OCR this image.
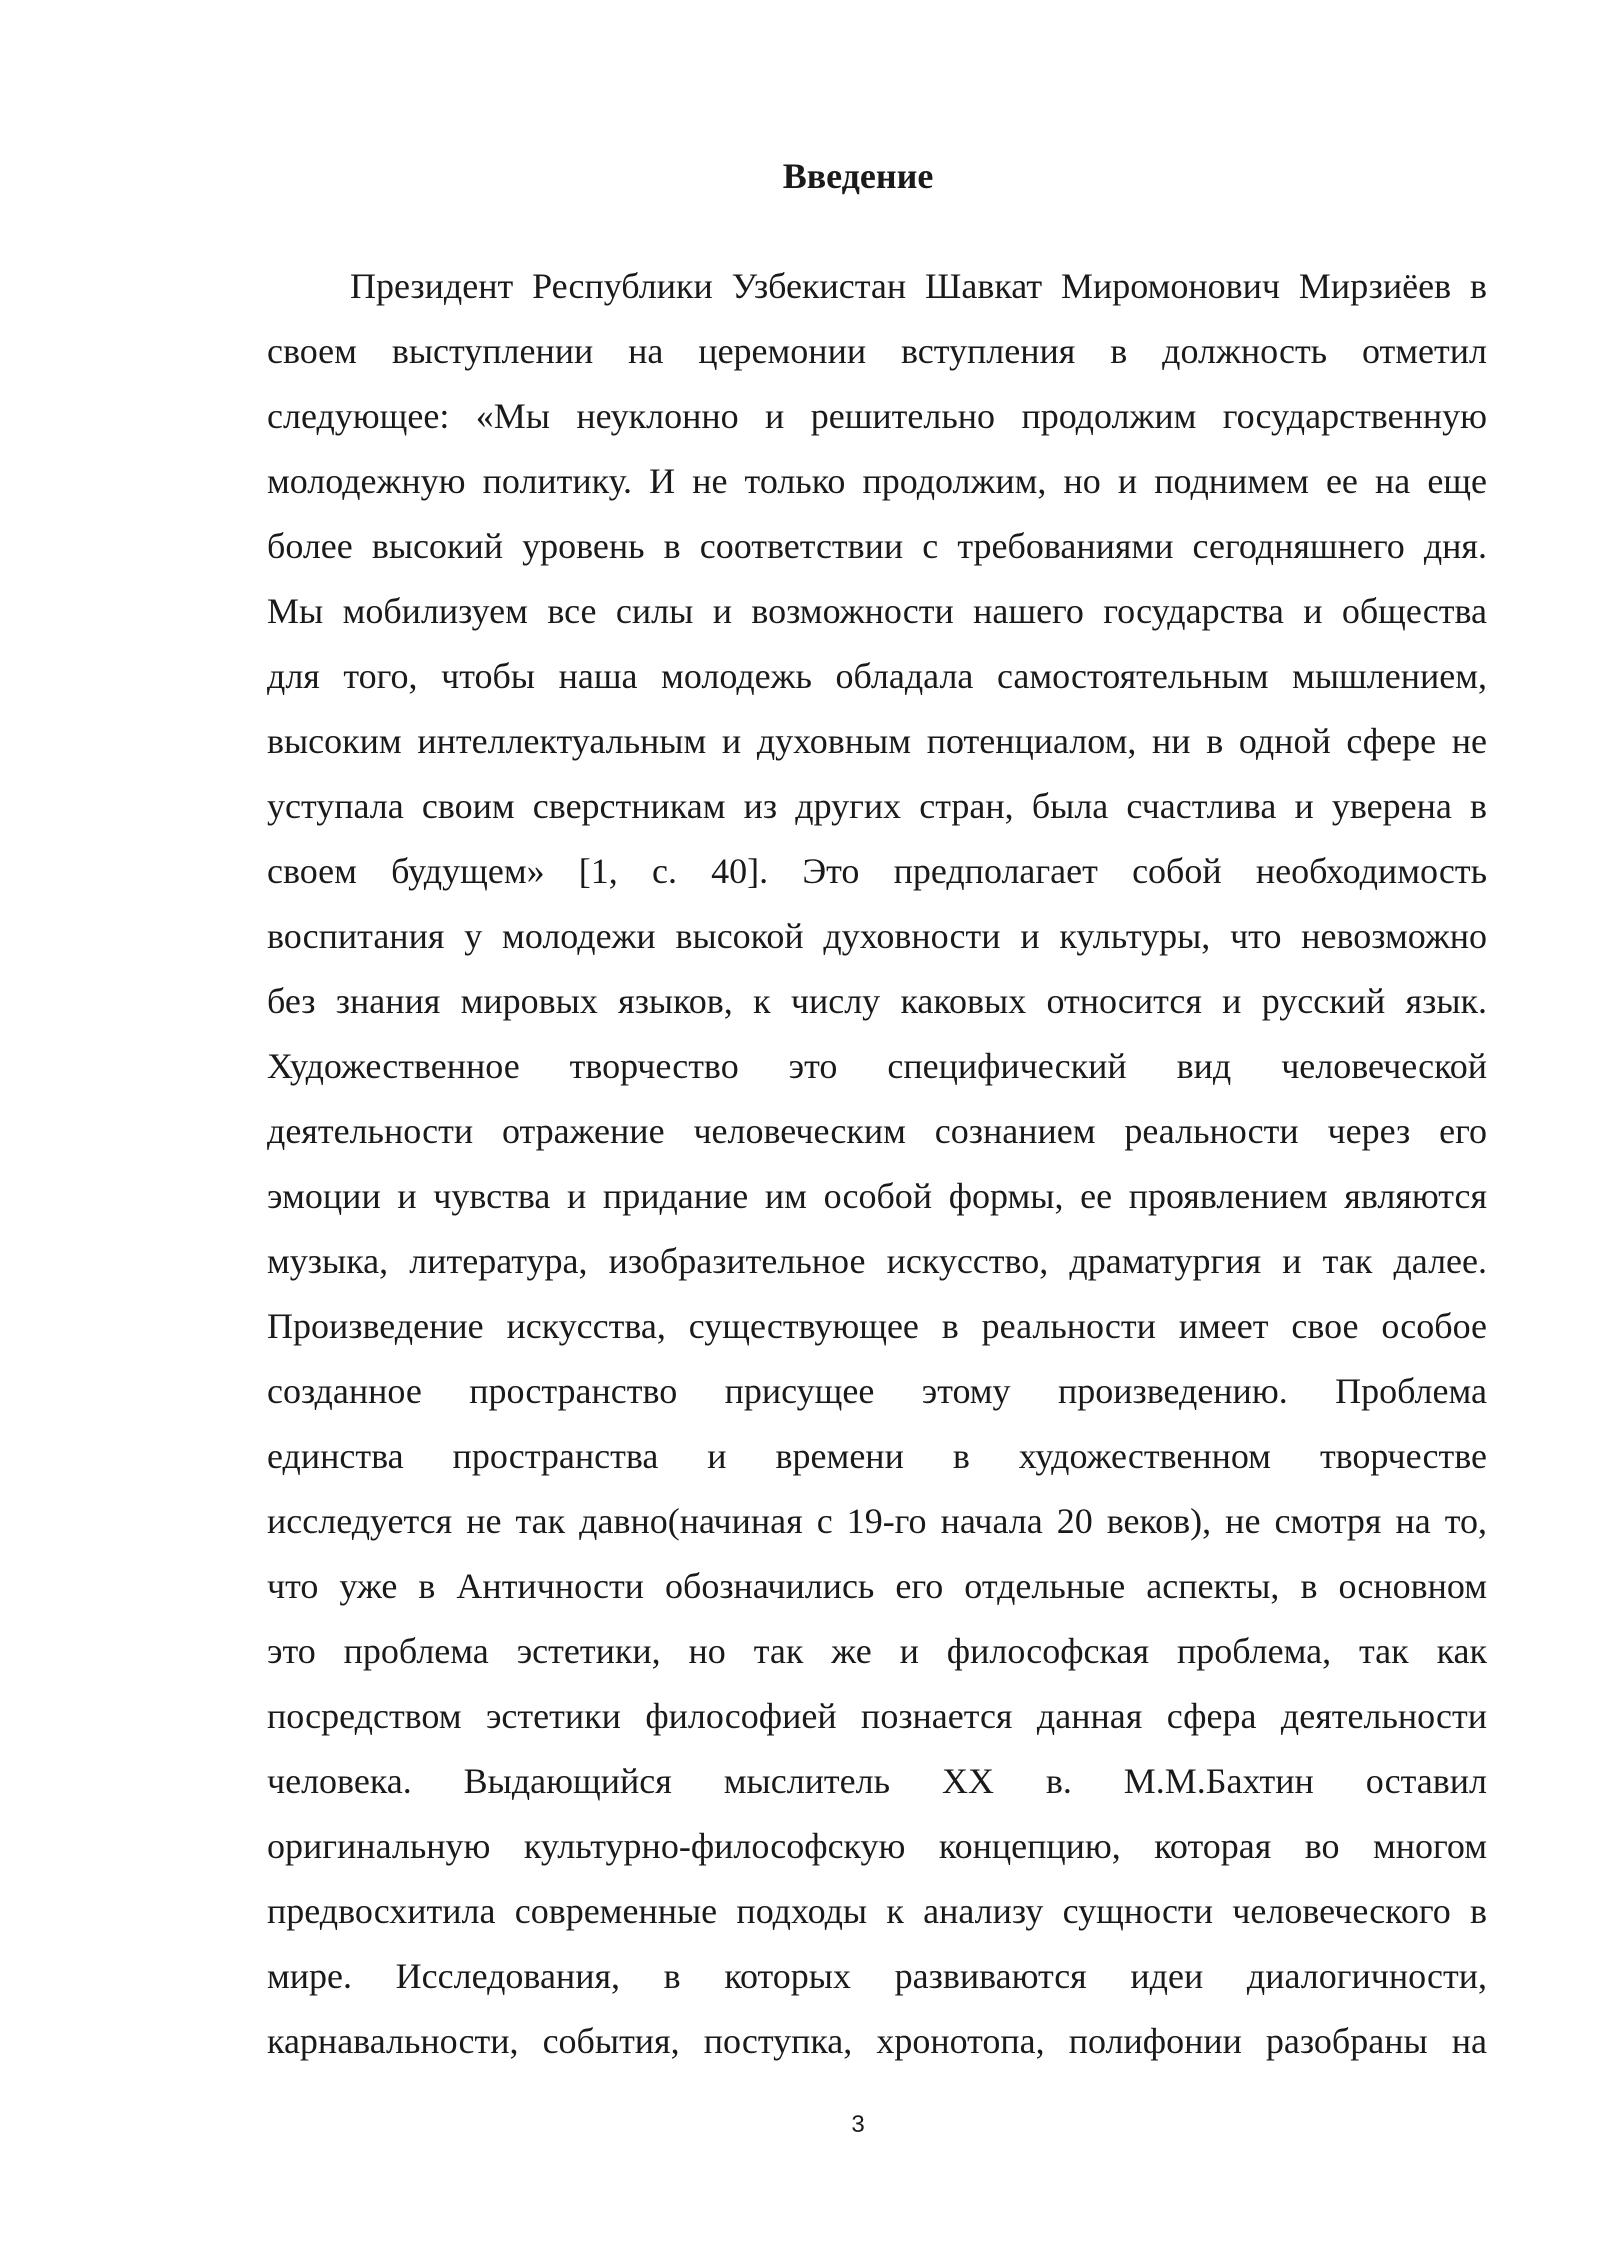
Введение
Президент Республики Узбекистан Шавкат Миромонович Мирзиёев в
своем выступлении на церемонии вступления в должность отметил
следующее: «Мы неуклонно и решительно продолжим государственную
молодежную политику. И не только продолжим, но и поднимем ее на еще
более высокий уровень в соответствии с требованиями сегодняшнего дня.
Мы мобилизуем все силы и возможности нашего государства и общества
для того, чтобы наша молодежь обладала самостоятельным мышлением,
высоким интеллектуальным и духовным потенциалом, ни в одной сфере не
уступала своим сверстникам из других стран, была счастлива и уверена в
своем будущем» [1, с. 40]. Это предполагает собой необходимость
воспитания у молодежи высокой духовности и культуры, что невозможно
без знания мировых языков, к числу каковых относится и русский язык.
Художественное творчество это специфический вид человеческой
деятельности отражение человеческим сознанием реальности через его
эмоции и чувства и придание им особой формы, ее проявлением являются
музыка, литература, изобразительное искусство, драматургия и так далее.
Произведение искусства, существующее в реальности имеет свое особое
созданное пространство присущее этому произведению. Проблема
единства пространства и времени в художественном творчестве
исследуется не так давно(начиная с 19-го начала 20 веков), не смотря на то,
что уже в Античности обозначились его отдельные аспекты, в основном
это проблема эстетики, но так же и философская проблема, так как
посредством эстетики философией познается данная сфера деятельности
человека. Выдающийся мыслитель XX в. М.М.Бахтин оставил
оригинальную культурно-философскую концепцию, которая во многом
предвосхитила современные подходы к анализу сущности человеческого в
мире. Исследования, в которых развиваются идеи диалогичности,
карнавальности, события, поступка, хронотопа, полифонии разобраны на
3
